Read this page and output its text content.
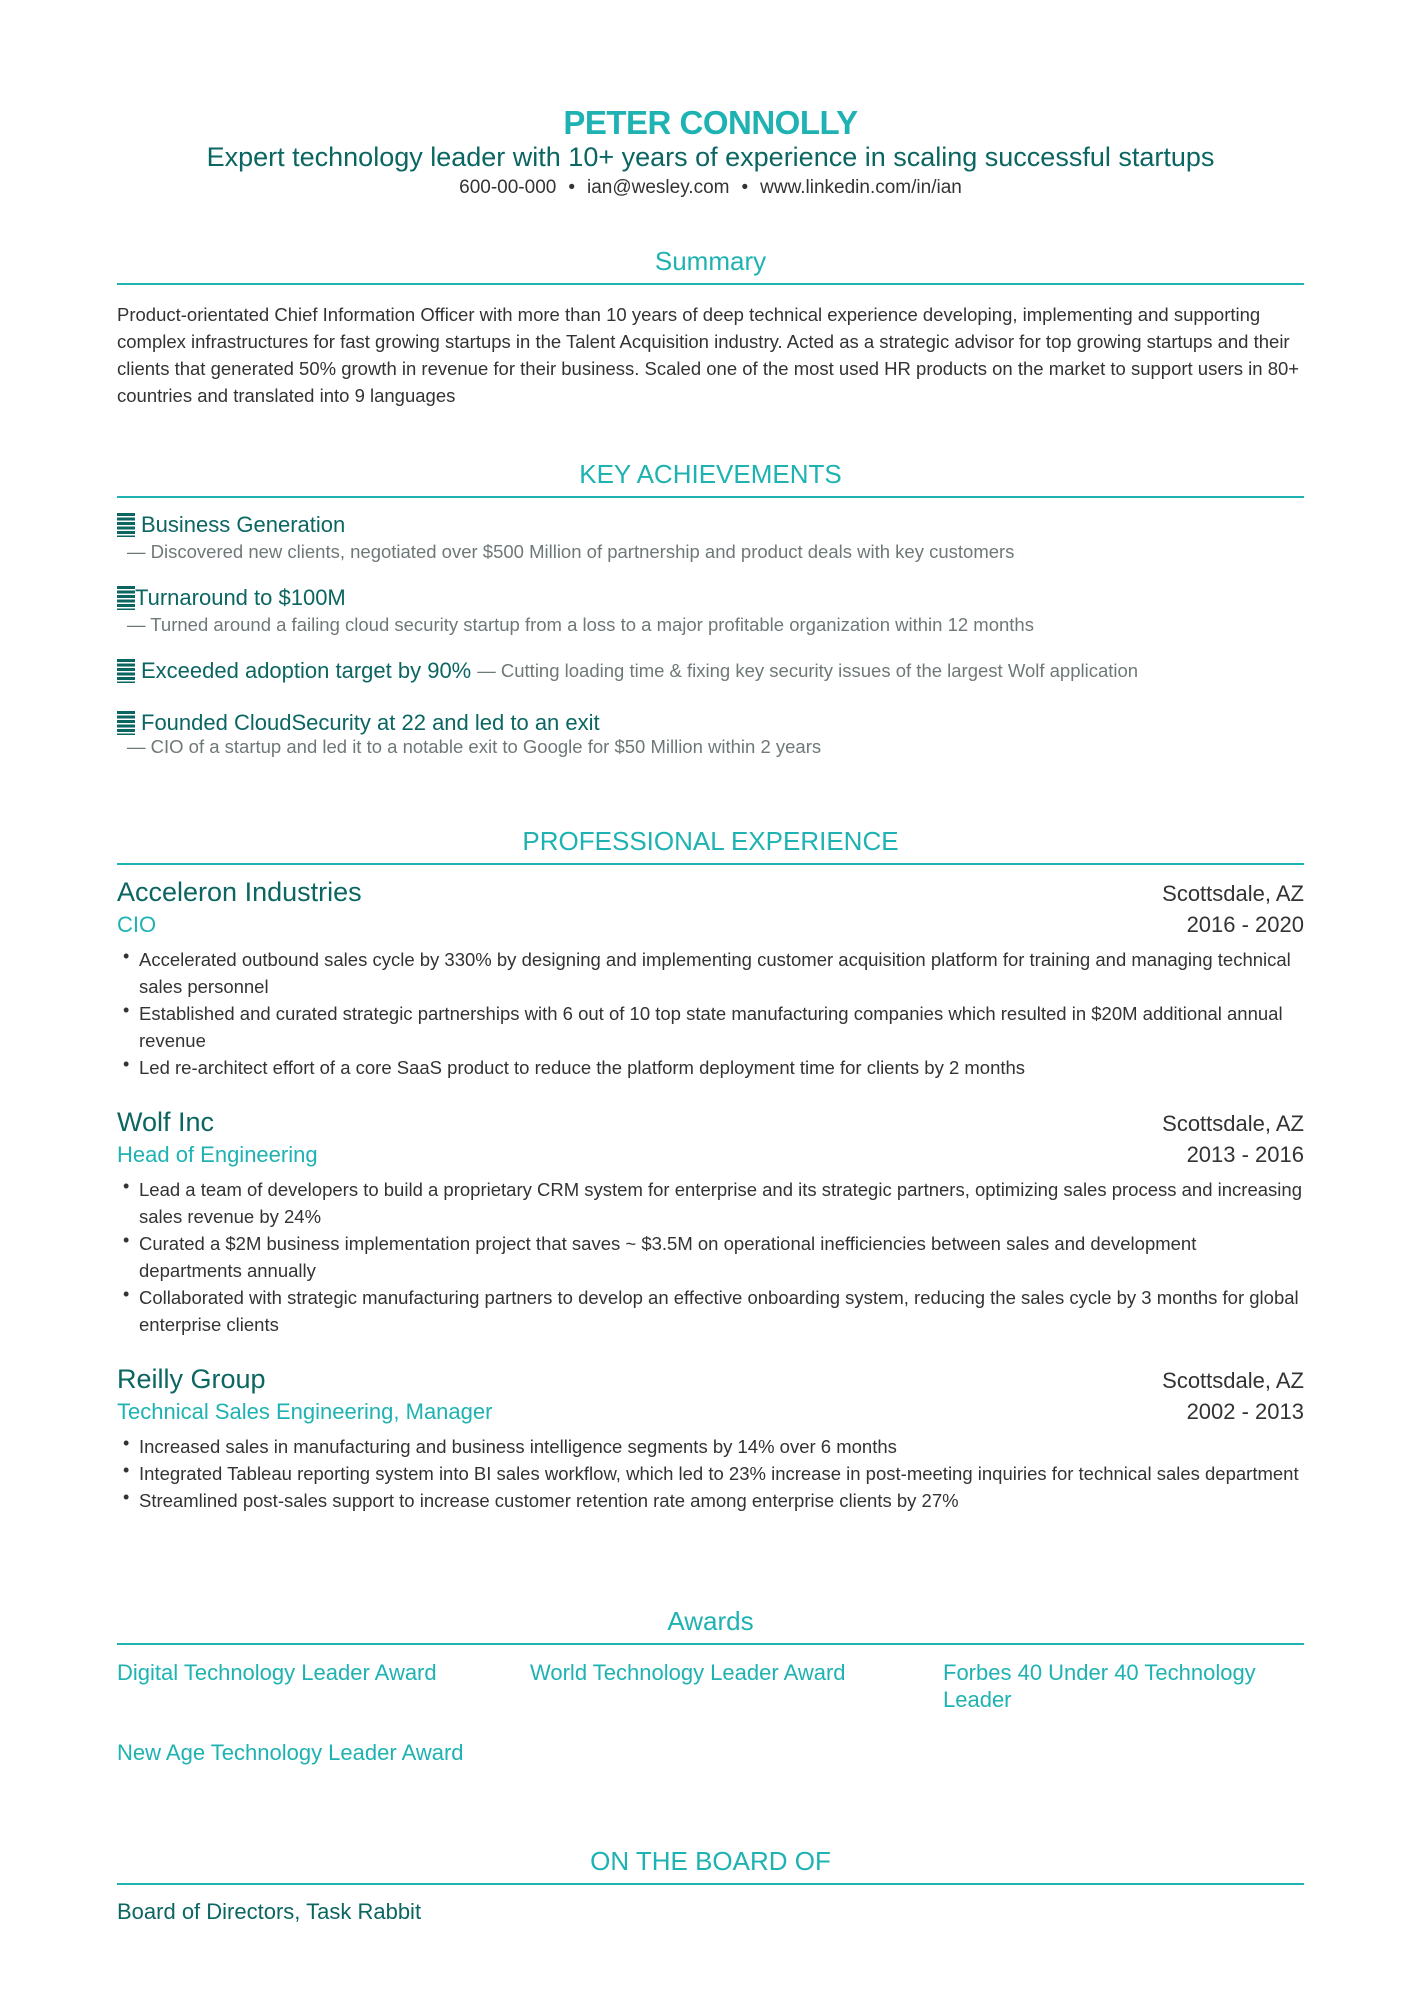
PETER CONNOLLY
Expert technology leader with 10+ years of experience in scaling successful startups
600-00-000 • ian@wesley.com • www.linkedin.com/in/ian
Summary

Product-orientated Chief Information Officer with more than 10 years of deep technical experience developing, implementing and supporting complex infrastructures for fast growing startups in the Talent Acquisition industry. Acted as a strategic advisor for top growing startups and their clients that generated 50% growth in revenue for their business. Scaled one of the most used HR products on the market to support users in 80+ countries and translated into 9 languages

KEY ACHIEVEMENTS
Business Generation
— Discovered new clients, negotiated over $500 Million of partnership and product deals with key customers
Turnaround to $100M
— Turned around a failing cloud security startup from a loss to a major profitable organization within 12 months
Exceeded adoption target by 90% — Cutting loading time & fixing key security issues of the largest Wolf application
Founded CloudSecurity at 22 and led to an exit
— CIO of a startup and led it to a notable exit to Google for $50 Million within 2 years
PROFESSIONAL EXPERIENCE
Acceleron Industries	Scottsdale, AZ
CIO	2016 - 2020
• Accelerated outbound sales cycle by 330% by designing and implementing customer acquisition platform for training and managing technical sales personnel
• Established and curated strategic partnerships with 6 out of 10 top state manufacturing companies which resulted in $20M additional annual revenue
• Led re-architect effort of a core SaaS product to reduce the platform deployment time for clients by 2 months
Wolf Inc	Scottsdale, AZ
Head of Engineering	2013 - 2016
• Lead a team of developers to build a proprietary CRM system for enterprise and its strategic partners, optimizing sales process and increasing sales revenue by 24%
• Curated a $2M business implementation project that saves ~ $3.5M on operational inefficiencies between sales and development departments annually
• Collaborated with strategic manufacturing partners to develop an effective onboarding system, reducing the sales cycle by 3 months for global enterprise clients
Reilly Group	Scottsdale, AZ
Technical Sales Engineering, Manager	2002 - 2013
• Increased sales in manufacturing and business intelligence segments by 14% over 6 months
• Integrated Tableau reporting system into BI sales workflow, which led to 23% increase in post-meeting inquiries for technical sales department
• Streamlined post-sales support to increase customer retention rate among enterprise clients by 27%
Awards
Digital Technology Leader Award	World Technology Leader Award	Forbes 40 Under 40 Technology Leader
New Age Technology Leader Award
ON THE BOARD OF
Board of Directors, Task Rabbit
